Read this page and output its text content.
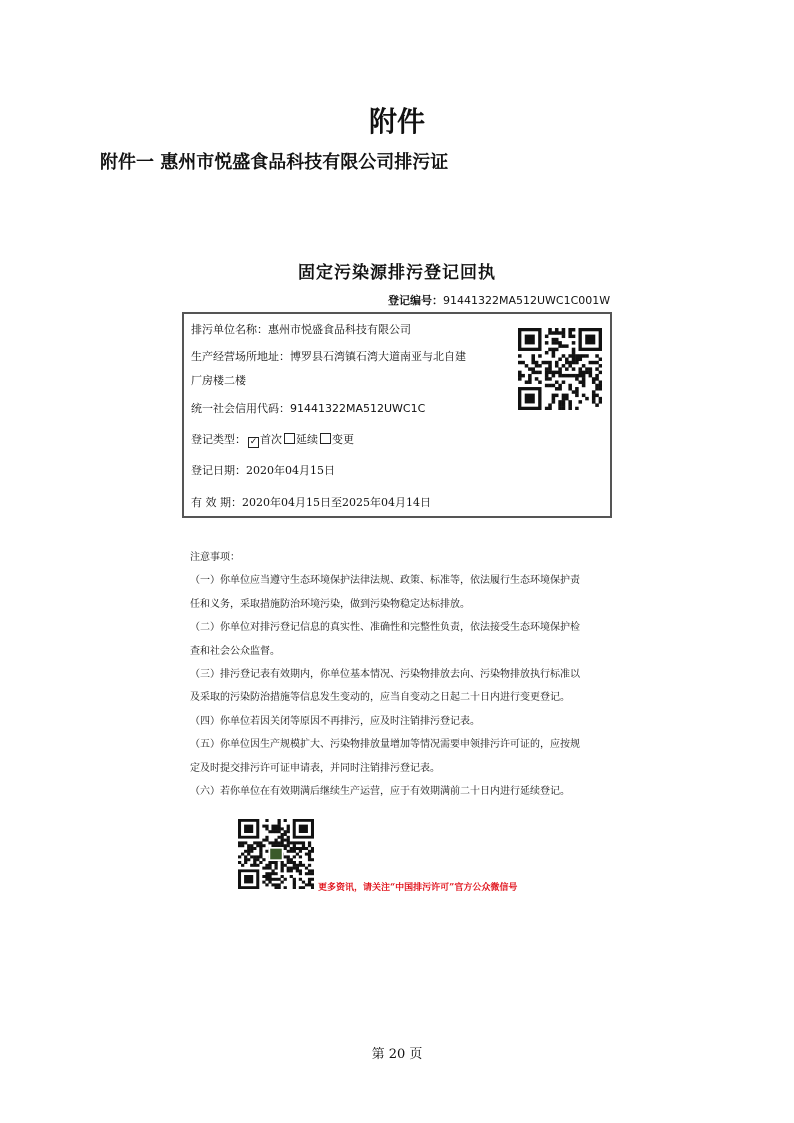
附件
附件一 惠州市悦盛食品科技有限公司排污证
固定污染源排污登记回执
登记编号：91441322MA512UWC1C001W
排污单位名称：惠州市悦盛食品科技有限公司
生产经营场所地址：博罗县石湾镇石湾大道南亚与北自建
厂房楼二楼
统一社会信用代码：91441322MA512UWC1C
登记类型： ✓ 首次 延续 变更
登记日期：2020年04月15日
有 效 期：2020年04月15日至2025年04月14日

注意事项：

（一）你单位应当遵守生态环境保护法律法规、政策、标准等，依法履行生态环境保护责

任和义务，采取措施防治环境污染，做到污染物稳定达标排放。

（二）你单位对排污登记信息的真实性、准确性和完整性负责，依法接受生态环境保护检

查和社会公众监督。

（三）排污登记表有效期内，你单位基本情况、污染物排放去向、污染物排放执行标准以

及采取的污染防治措施等信息发生变动的，应当自变动之日起二十日内进行变更登记。

（四）你单位若因关闭等原因不再排污，应及时注销排污登记表。

（五）你单位因生产规模扩大、污染物排放量增加等情况需要申领排污许可证的，应按规

定及时提交排污许可证申请表，并同时注销排污登记表。

（六）若你单位在有效期满后继续生产运营，应于有效期满前二十日内进行延续登记。

更多资讯，请关注“中国排污许可”官方公众微信号
第 20 页
